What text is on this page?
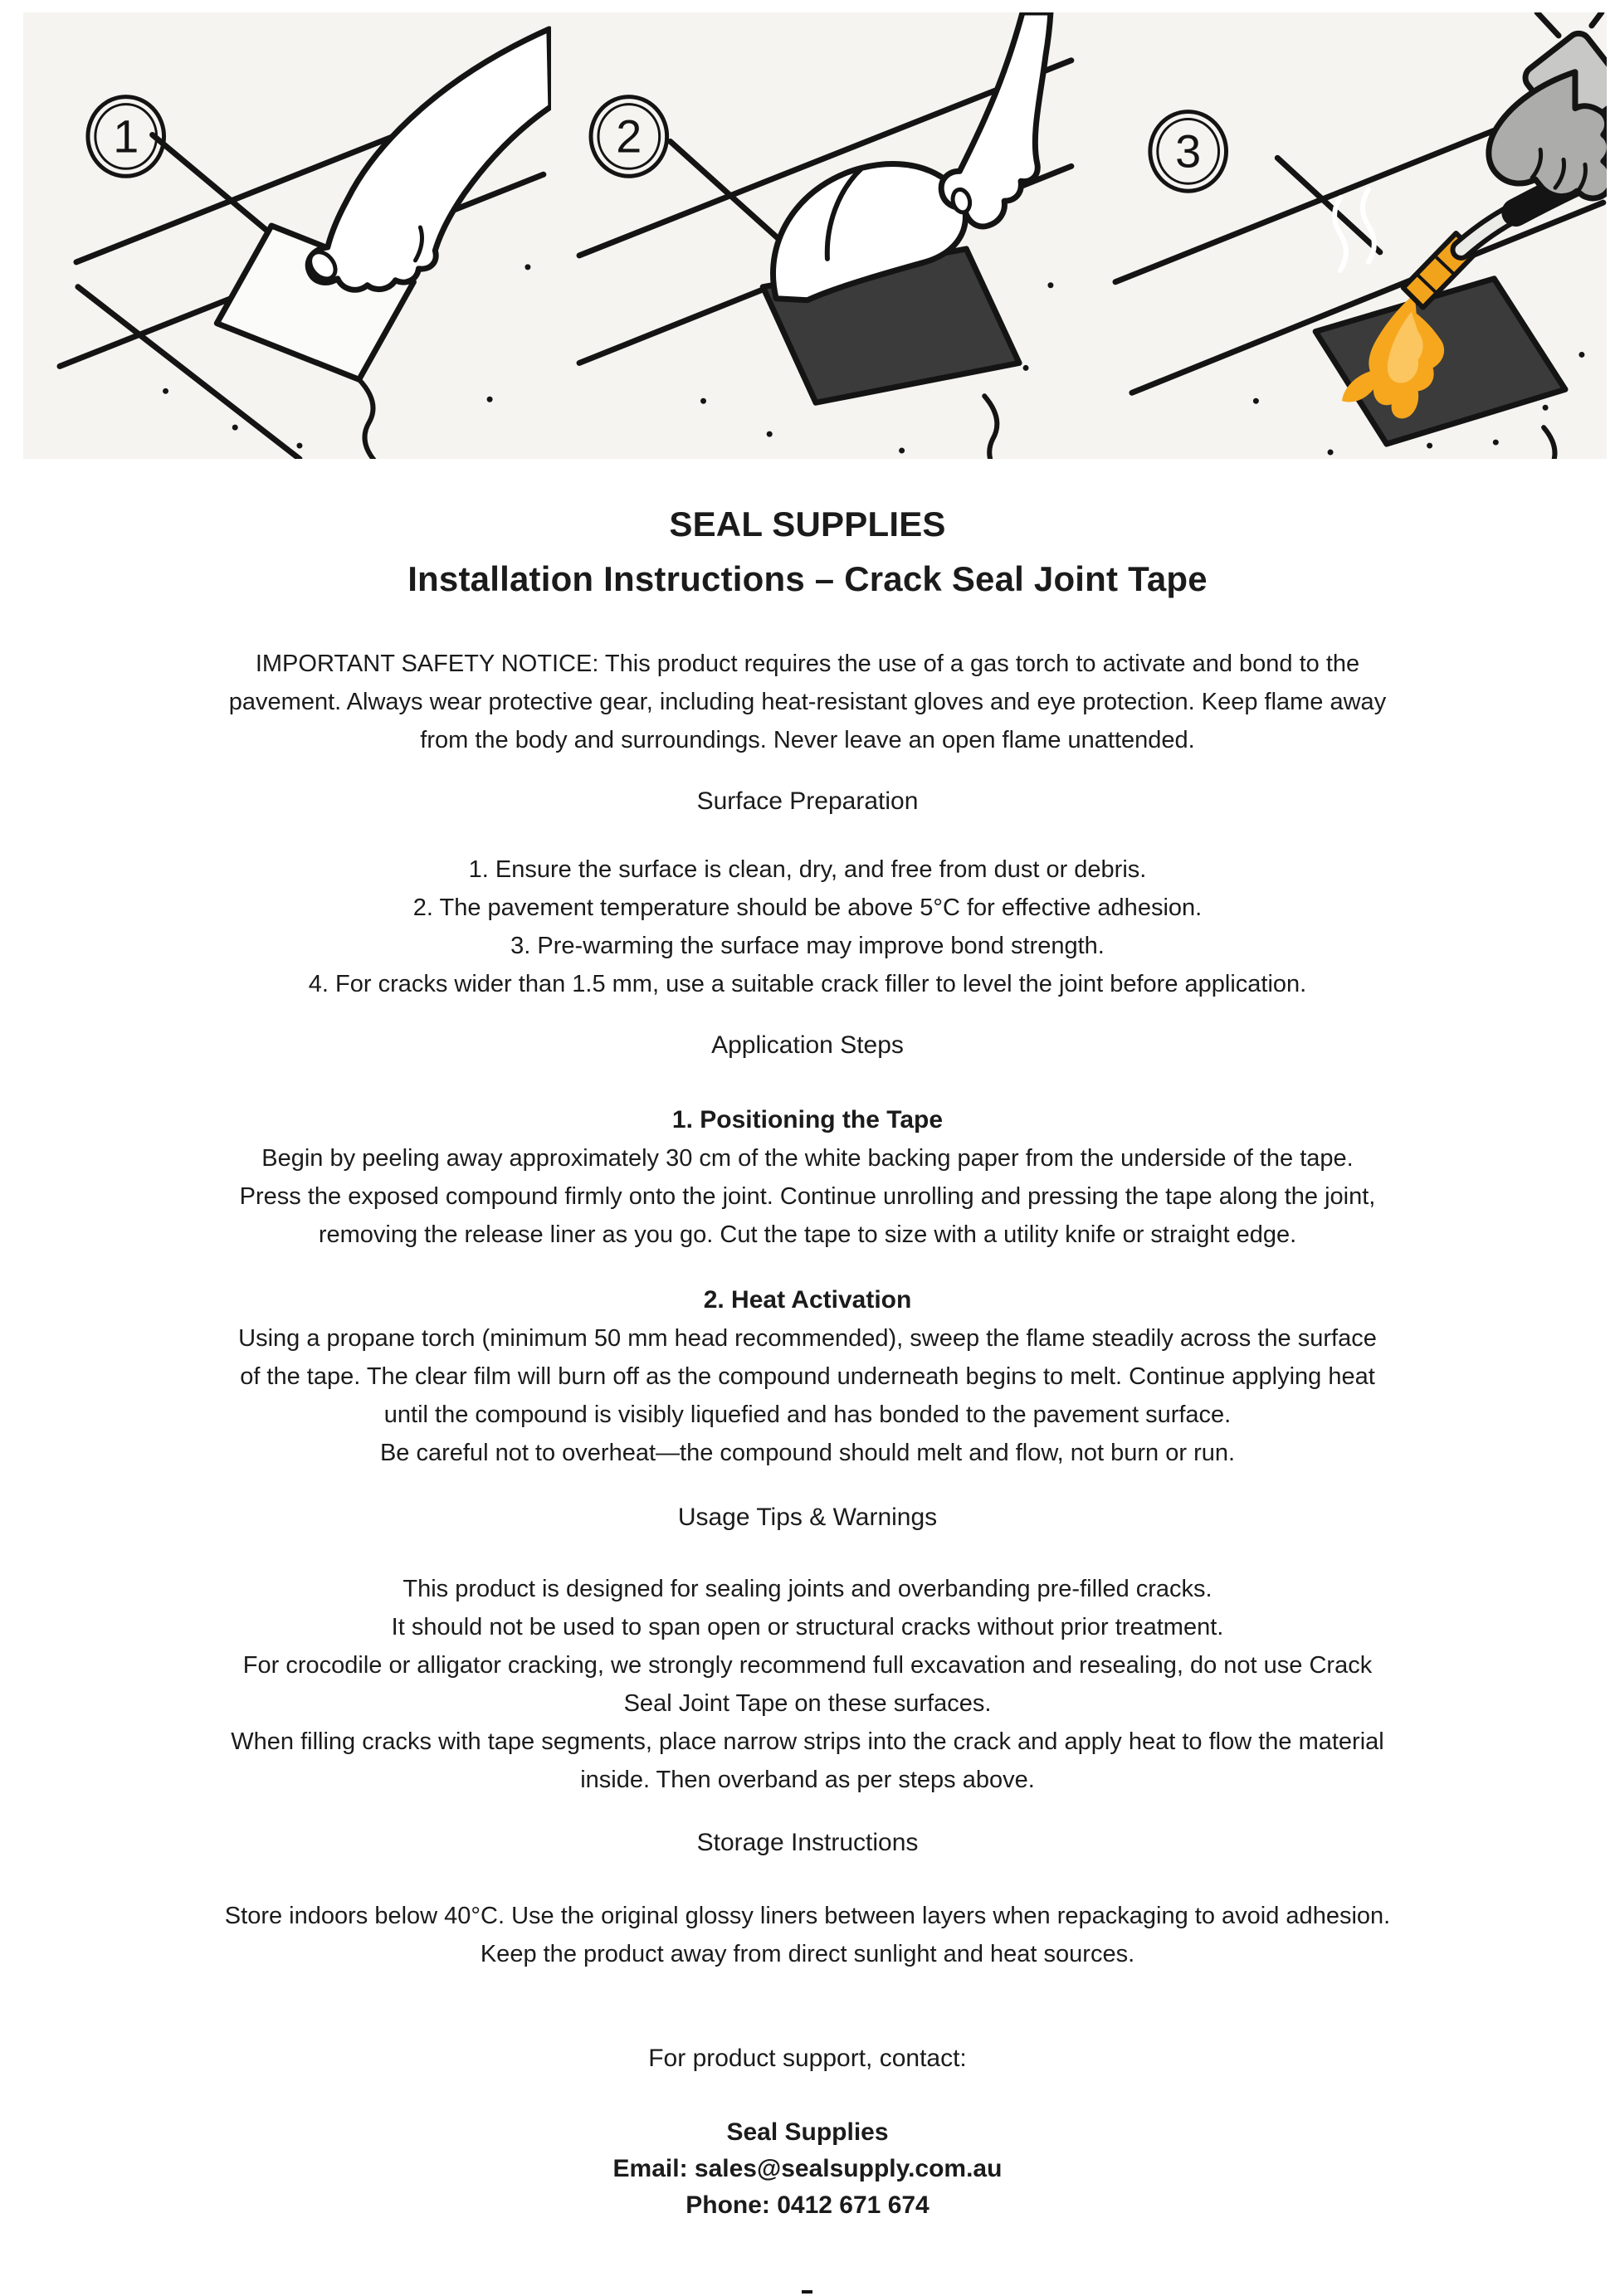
1	2	3
SEAL SUPPLIES
Installation Instructions – Crack Seal Joint Tape
IMPORTANT SAFETY NOTICE: This product requires the use of a gas torch to activate and bond to the
pavement. Always wear protective gear, including heat-resistant gloves and eye protection. Keep flame away
from the body and surroundings. Never leave an open flame unattended.
Surface Preparation
1. Ensure the surface is clean, dry, and free from dust or debris.
2. The pavement temperature should be above 5°C for effective adhesion.
3. Pre-warming the surface may improve bond strength.
4. For cracks wider than 1.5 mm, use a suitable crack filler to level the joint before application.
Application Steps
1. Positioning the Tape
Begin by peeling away approximately 30 cm of the white backing paper from the underside of the tape.
Press the exposed compound firmly onto the joint. Continue unrolling and pressing the tape along the joint,
removing the release liner as you go. Cut the tape to size with a utility knife or straight edge.
2. Heat Activation
Using a propane torch (minimum 50 mm head recommended), sweep the flame steadily across the surface
of the tape. The clear film will burn off as the compound underneath begins to melt. Continue applying heat
until the compound is visibly liquefied and has bonded to the pavement surface.
Be careful not to overheat—the compound should melt and flow, not burn or run.
Usage Tips & Warnings
This product is designed for sealing joints and overbanding pre-filled cracks.
It should not be used to span open or structural cracks without prior treatment.
For crocodile or alligator cracking, we strongly recommend full excavation and resealing, do not use Crack
Seal Joint Tape on these surfaces.
When filling cracks with tape segments, place narrow strips into the crack and apply heat to flow the material
inside. Then overband as per steps above.
Storage Instructions
Store indoors below 40°C. Use the original glossy liners between layers when repackaging to avoid adhesion.
Keep the product away from direct sunlight and heat sources.
For product support, contact:
Seal Supplies
Email: sales@sealsupply.com.au
Phone: 0412 671 674
